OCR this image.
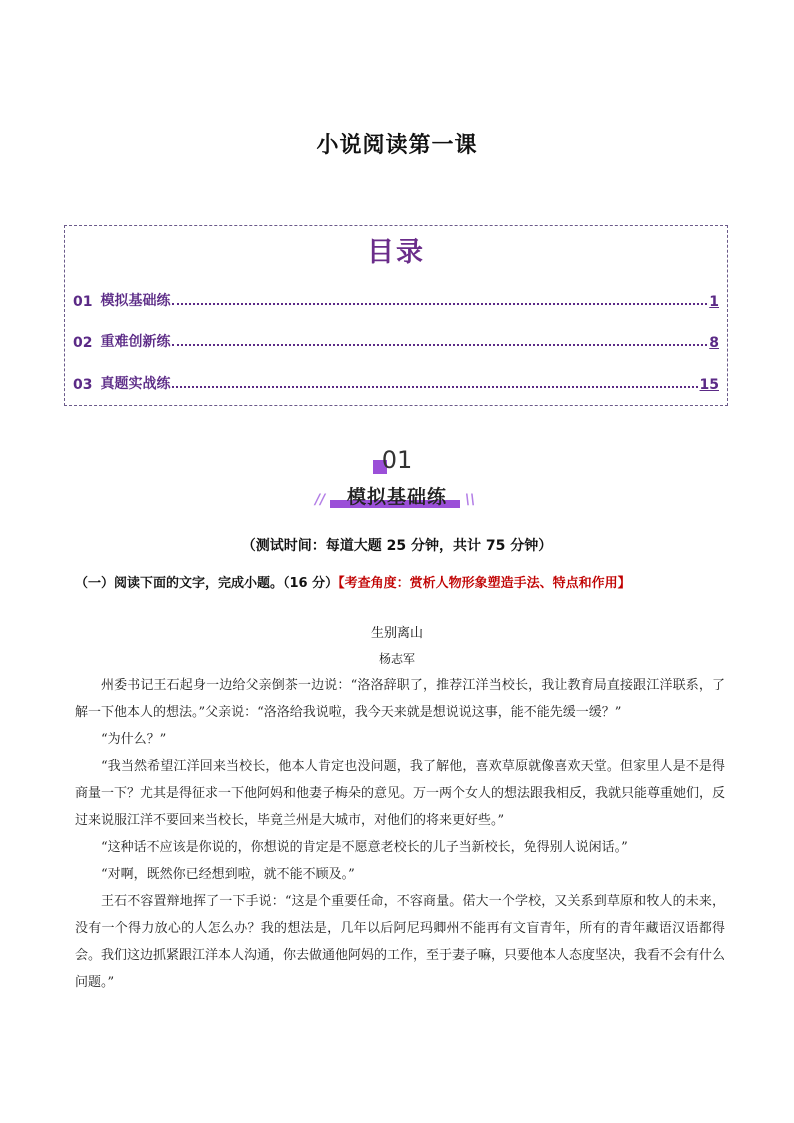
小说阅读第一课
目录
01 模拟基础练	1
02 重难创新练	8
03 真题实战练	15
01
//	模拟基础练	\\
（测试时间：每道大题 25 分钟，共计 75 分钟）
（一）阅读下面的文字，完成小题。（16 分）【考查角度：赏析人物形象塑造手法、特点和作用】
生别离山
杨志军

州委书记王石起身一边给父亲倒茶一边说：“洛洛辞职了，推荐江洋当校长，我让教育局直接跟江洋联系，了解一下他本人的想法。”父亲说：“洛洛给我说啦，我今天来就是想说说这事，能不能先缓一缓？”

“为什么？”

“我当然希望江洋回来当校长，他本人肯定也没问题，我了解他，喜欢草原就像喜欢天堂。但家里人是不是得商量一下？尤其是得征求一下他阿妈和他妻子梅朵的意见。万一两个女人的想法跟我相反，我就只能尊重她们，反过来说服江洋不要回来当校长，毕竟兰州是大城市，对他们的将来更好些。”

“这种话不应该是你说的，你想说的肯定是不愿意老校长的儿子当新校长，免得别人说闲话。”

“对啊，既然你已经想到啦，就不能不顾及。”

王石不容置辩地挥了一下手说：“这是个重要任命，不容商量。偌大一个学校，又关系到草原和牧人的未来，没有一个得力放心的人怎么办？我的想法是，几年以后阿尼玛卿州不能再有文盲青年，所有的青年藏语汉语都得会。我们这边抓紧跟江洋本人沟通，你去做通他阿妈的工作，至于妻子嘛，只要他本人态度坚决，我看不会有什么问题。”
